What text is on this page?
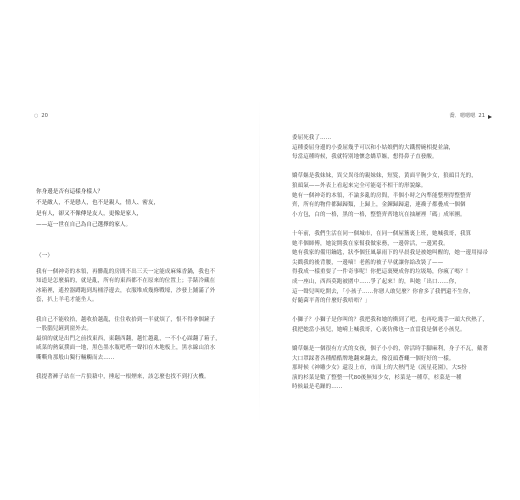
○ 20
你身邊是否有這樣身樣人？
不是敵人，不是戀人，也不是親人，情人、密友，
是有人，卻又不像傳是友人，更像是家人，
——這一世在自己為自己選擇的家人。
（一）

我有一個神奇的本領，再髒亂的房間不出三天一定能成麻辣香鍋，我也不
知道是怎麼搞的，就是亂，所有的東西都不在原來的位置上；手錶冷藏在
冰箱裡，遙控器蹲跑到馬桶浮邊去，衣服堆成幾條戰壕，沙發上鋪滿了外
套，扒上羊毛才能坐人。

我自己不能收拾，越收拾越亂，住住收拾到一半就煩了，恨不得拿個鏟子
一股腦兒鏟到窗外去。
最煩的就是出門之前找東西，東翻西翻，越忙越亂，一不小心踩翻了箱子，
咸菜的熱氣撲面一地，黑色墨水瓶吧嗒一聲扣在木地板上，黑水線山泊水
嘶嘶角那般山獨行輛觸而去……

我提著褲子站在一片狼藉中，捶起一根煙來，該怎麼也找不到打火機。

喬．嗯嗯嗯 21

委屈死我了……
這種委屈身邊的小委屈幾乎可以和小姑娘們的大鐵撈碗相提並論，
每當這種時候，我就特別地懷念嬌草嫗，想得鼻子直發酸。

嬌草嫗是我妹妹，異父異母的親妹妹，短髮，黃面平胸少女，狼頭目光的，
狼頭氣——外表上看起來完全可能毫不相干的形貌線。
她有一個神奇的本領，不論多亂的房間，半個小時之內準能整理得整整齊
齊，所有的物件都歸歸類，上歸上，金鍊歸歸還，連襪子都疊成一個個
小方包，白的一格，黑的一格，整整齊齊地坑在抽屜裡「碼」成軍團。

十年前，我們生活在同一個城市，在同一個屋簷裏上班，她喊我哥，我算
她半個師傅，她淀開我在家幫我做家務，一邊幹活，一邊罵我。
她有我家的備用鑰匙，狀李個狂風暴雨下的早晨我是被她叫醒的，她一邊用掃帚
尖戳我的後背腰，一邊嘀！老舊的被子早就讓你給改裝了——
得我成一樣重要了一件奇事呢！你把這裏變成你的垃圾場，你瘋了嗎？！
成一座山，西西莫跑被圍中……爭了起來！的，叫她「出口……你，
這一聲兒叫吃開去，「小孩子……你戀人敢兒麼？你會多了我們還不生你，
好隨菌平菁的什麼好我唔唔？」

小獅子？小獅子是你叫的？我把我和她的衝到了吧，也再吃幾手一頭大伙熱了，
我把她當小孩兒，她嗬上喊我哥，心裏仿佛也一直當我是個老小孩兒。

嬌草嫗是一個很有方式的女孩，個子小小的，幹活時手腳麻利，身子不瓦，戴著
大口罩踩著各種酷酷牌地翻來翻去，像沒頭蒼蠅一個好好的一樣。
那時候《神雕少女》還沒上市，市面上的大熱門是《流星花園》，大S扮
演的杉菜是數了整整一代80後無知少女，杉菜是一種草，杉菜是一種
時候最是毛躁的……
